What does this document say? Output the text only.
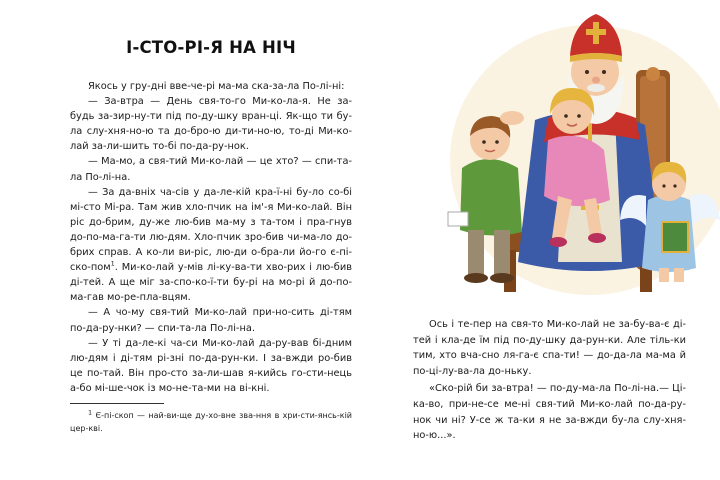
І-СТО-РІ-Я НА НІЧ

Якось у гру-дні вве-че-рі ма-ма ска-за-ла По-лі-ні:

— За-втра — День свя-то-го Ми-ко-ла-я. Не за-будь за-зир-ну-ти під по-ду-шку вран-ці. Як-що ти бу-ла слу-хня-но-ю та до-бро-ю ди-ти-но-ю, то-ді Ми-ко-лай за-ли-шить то-бі по-да-ру-нок.

— Ма-мо, а свя-тий Ми-ко-лай — це хто? — спи-та-ла По-лі-на.

— За да-вніх ча-сів у да-ле-кій кра-ї-ні бу-ло со-бі мі-сто Мі-ра. Там жив хло-пчик на ім'-я Ми-ко-лай. Він ріс до-брим, ду-же лю-бив ма-му з та-том і пра-гнув до-по-ма-га-ти лю-дям. Хло-пчик зро-бив чи-ма-ло до-брих справ. А ко-ли ви-ріс, лю-ди о-бра-ли йо-го є-пі-ско-пом$^1$. Ми-ко-лай у-мів лі-ку-ва-ти хво-рих і лю-бив ді-тей. А ще міг за-спо-ко-ї-ти бу-рі на мо-рі й до-по-ма-гав мо-ре-пла-вцям.

— А чо-му свя-тий Ми-ко-лай при-но-сить ді-тям по-да-ру-нки? — спи-та-ла По-лі-на.

— У ті да-ле-кі ча-си Ми-ко-лай да-ру-вав бі-дним лю-дям і ді-тям рі-зні по-да-рун-ки. І за-вжди ро-бив це по-тай. Він про-сто за-ли-шав я-кийсь го-сти-нець а-бо мі-ше-чок із мо-не-та-ми на ві-кні.

$^1$ Є-пі-скоп — най-ви-ще ду-хо-вне зва-ння в хри-сти-янсь-кій цер-кві.

Ось і те-пер на свя-то Ми-ко-лай не за-бу-ва-є ді-тей і кла-де їм під по-ду-шку да-рун-ки. Але тіль-ки тим, хто вча-сно ля-га-є спа-ти! — до-да-ла ма-ма й по-ці-лу-ва-ла до-ньку.

«Ско-рій би за-втра! — по-ду-ма-ла По-лі-на.— Ці-ка-во, при-не-се ме-ні свя-тий Ми-ко-лай по-да-ру-нок чи ні? У-се ж та-ки я не за-вжди бу-ла слу-хня-но-ю...».
